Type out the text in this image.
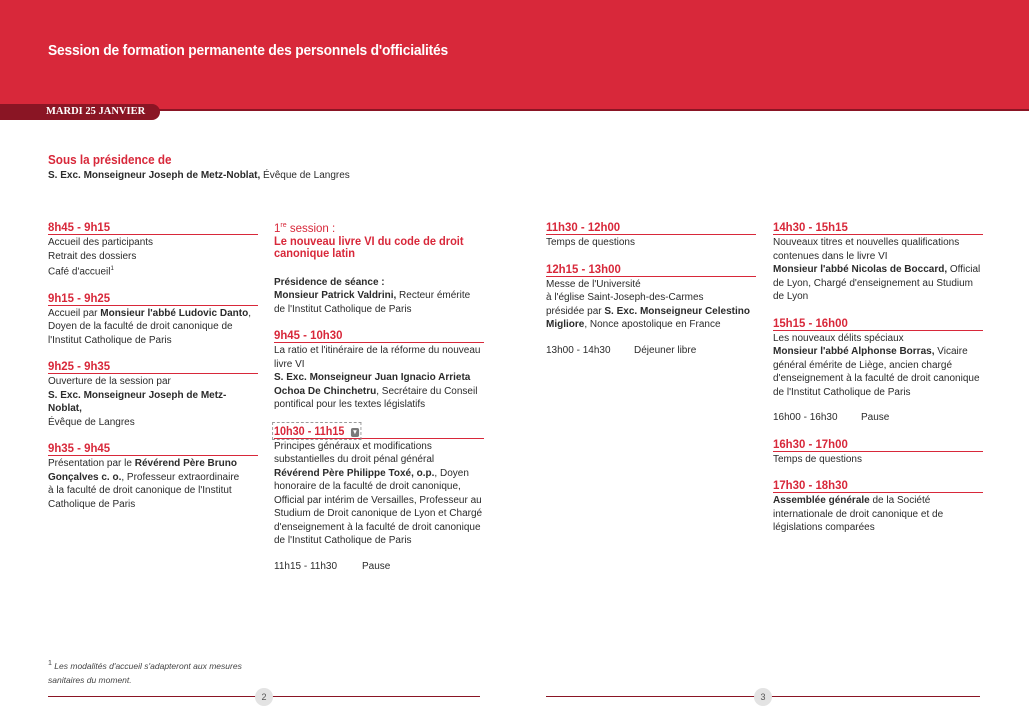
Session de formation permanente des personnels d'officialités
MARDI 25 JANVIER
Sous la présidence de
S. Exc. Monseigneur Joseph de Metz-Noblat, Évêque de Langres
8h45 - 9h15
Accueil des participants
Retrait des dossiers
Café d'accueil$^1$
9h15 - 9h25
Accueil par Monsieur l'abbé Ludovic Danto,
Doyen de la faculté de droit canonique de
l'Institut Catholique de Paris
9h25 - 9h35
Ouverture de la session par
S. Exc. Monseigneur Joseph de Metz-Noblat,
Évêque de Langres
9h35 - 9h45
Présentation par le Révérend Père Bruno
Gonçalves c. o., Professeur extraordinaire
à la faculté de droit canonique de l'Institut
Catholique de Paris
1re session :
Le nouveau livre VI du code de droit canonique latin
Présidence de séance :
Monsieur Patrick Valdrini, Recteur émérite de l'Institut Catholique de Paris
9h45 - 10h30
La ratio et l'itinéraire de la réforme du nouveau livre VI
S. Exc. Monseigneur Juan Ignacio Arrieta Ochoa De Chinchetru, Secrétaire du Conseil pontifical pour les textes législatifs
10h30 - 11h15 ▾
Principes généraux et modifications substantielles du droit pénal général
Révérend Père Philippe Toxé, o.p., Doyen honoraire de la faculté de droit canonique, Official par intérim de Versailles, Professeur au Studium de Droit canonique de Lyon et Chargé d'enseignement à la faculté de droit canonique de l'Institut Catholique de Paris
11h15 - 11h30	Pause
11h30 - 12h00
Temps de questions
12h15 - 13h00
Messe de l'Université
à l'église Saint-Joseph-des-Carmes
présidée par S. Exc. Monseigneur Celestino Migliore, Nonce apostolique en France
13h00 - 14h30	Déjeuner libre
14h30 - 15h15
Nouveaux titres et nouvelles qualifications contenues dans le livre VI
Monsieur l'abbé Nicolas de Boccard, Official de Lyon, Chargé d'enseignement au Studium de Lyon
15h15 - 16h00
Les nouveaux délits spéciaux
Monsieur l'abbé Alphonse Borras, Vicaire général émérite de Liège, ancien chargé d'enseignement à la faculté de droit canonique de l'Institut Catholique de Paris
16h00 - 16h30	Pause
16h30 - 17h00
Temps de questions
17h30 - 18h30
Assemblée générale de la Société internationale de droit canonique et de législations comparées
$^1$ Les modalités d'accueil s'adapteront aux mesures sanitaires du moment.
2	3
